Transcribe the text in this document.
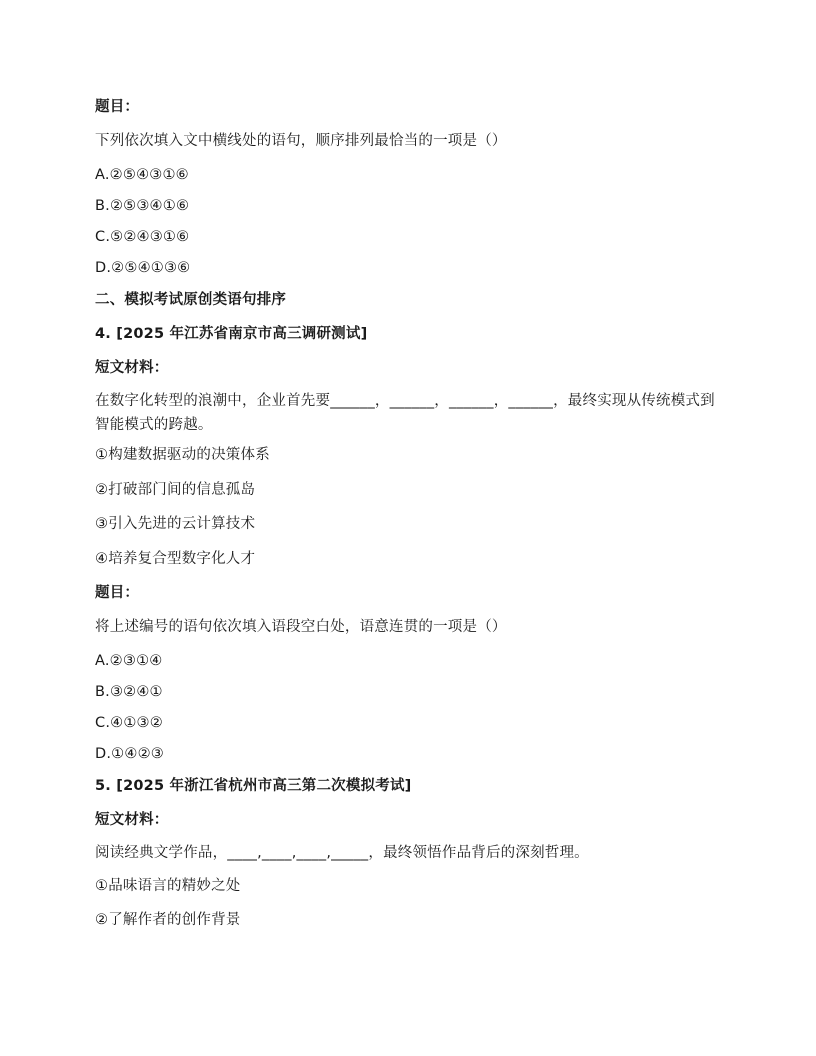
题目：
下列依次填入文中横线处的语句，顺序排列最恰当的一项是（）
A.②⑤④③①⑥
B.②⑤③④①⑥
C.⑤②④③①⑥
D.②⑤④①③⑥
二、模拟考试原创类语句排序
4. [2025 年江苏省南京市高三调研测试]
短文材料：
在数字化转型的浪潮中，企业首先要______，______，______，______，最终实现从传统模式到智能模式的跨越。
①构建数据驱动的决策体系
②打破部门间的信息孤岛
③引入先进的云计算技术
④培养复合型数字化人才
题目：
将上述编号的语句依次填入语段空白处，语意连贯的一项是（）
A.②③①④
B.③②④①
C.④①③②
D.①④②③
5. [2025 年浙江省杭州市高三第二次模拟考试]
短文材料：
阅读经典文学作品，____,____,____,_____，最终领悟作品背后的深刻哲理。
①品味语言的精妙之处
②了解作者的创作背景
